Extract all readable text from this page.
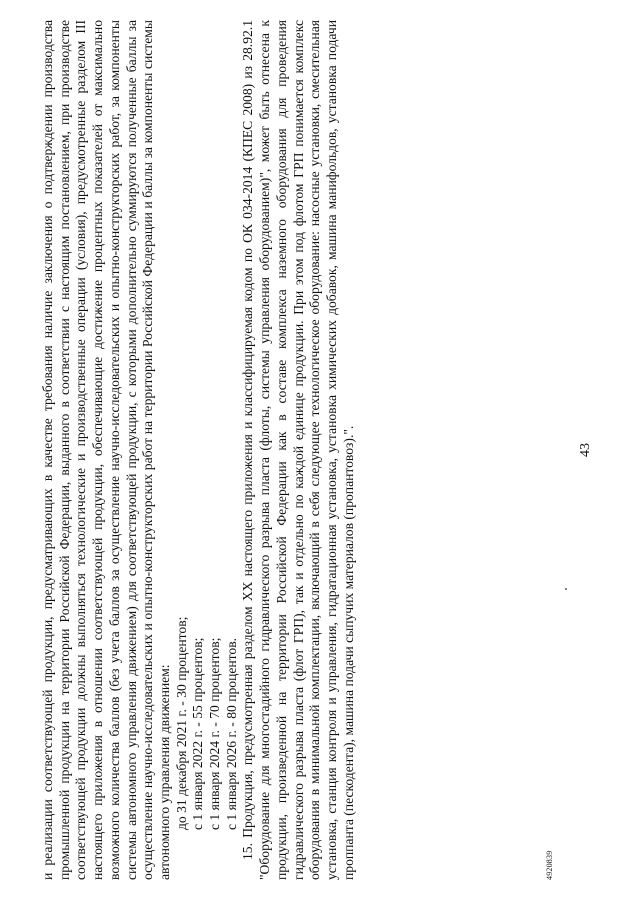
и реализации соответствующей продукции, предусматривающих в качестве требования наличие заключения о подтверждении производства промышленной продукции на территории Российской Федерации, выданного в соответствии с настоящим постановлением, при производстве соответствующей продукции должны выполняться технологические и производственные операции (условия), предусмотренные разделом III настоящего приложения в отношении соответствующей продукции, обеспечивающие достижение процентных показателей от максимально возможного количества баллов (без учета баллов за осуществление научно-исследовательских и опытно-конструкторских работ, за компоненты системы автономного управления движением) для соответствующей продукции, с которыми дополнительно суммируются полученные баллы за осуществление научно-исследовательских и опытно-конструкторских работ на территории Российской Федерации и баллы за компоненты системы автономного управления движением: до 31 декабря 2021 г. - 30 процентов; с 1 января 2022 г. - 55 процентов; с 1 января 2024 г. - 70 процентов; с 1 января 2026 г. - 80 процентов. 15. Продукция, предусмотренная разделом XX настоящего приложения и классифицируемая кодом по ОК 034-2014 (КПЕС 2008) из 28.92.1 "Оборудование для многостадийного гидравлического разрыва пласта (флоты, системы управления оборудованием)", может быть отнесена к продукции, произведенной на территории Российской Федерации как в составе комплекса наземного оборудования для проведения гидравлического разрыва пласта (флот ГРП), так и отдельно по каждой единице продукции. При этом под флотом ГРП понимается комплекс оборудования в минимальной комплектации, включающий в себя следующее технологическое оборудование: насосные установки, смесительная установка, станция контроля и управления, гидратационная установка, установка химических добавок, машина манифольдов, установка подачи проппанта (пескодента), машина подачи сыпучих материалов (пропантовоз).".	43
4920839
